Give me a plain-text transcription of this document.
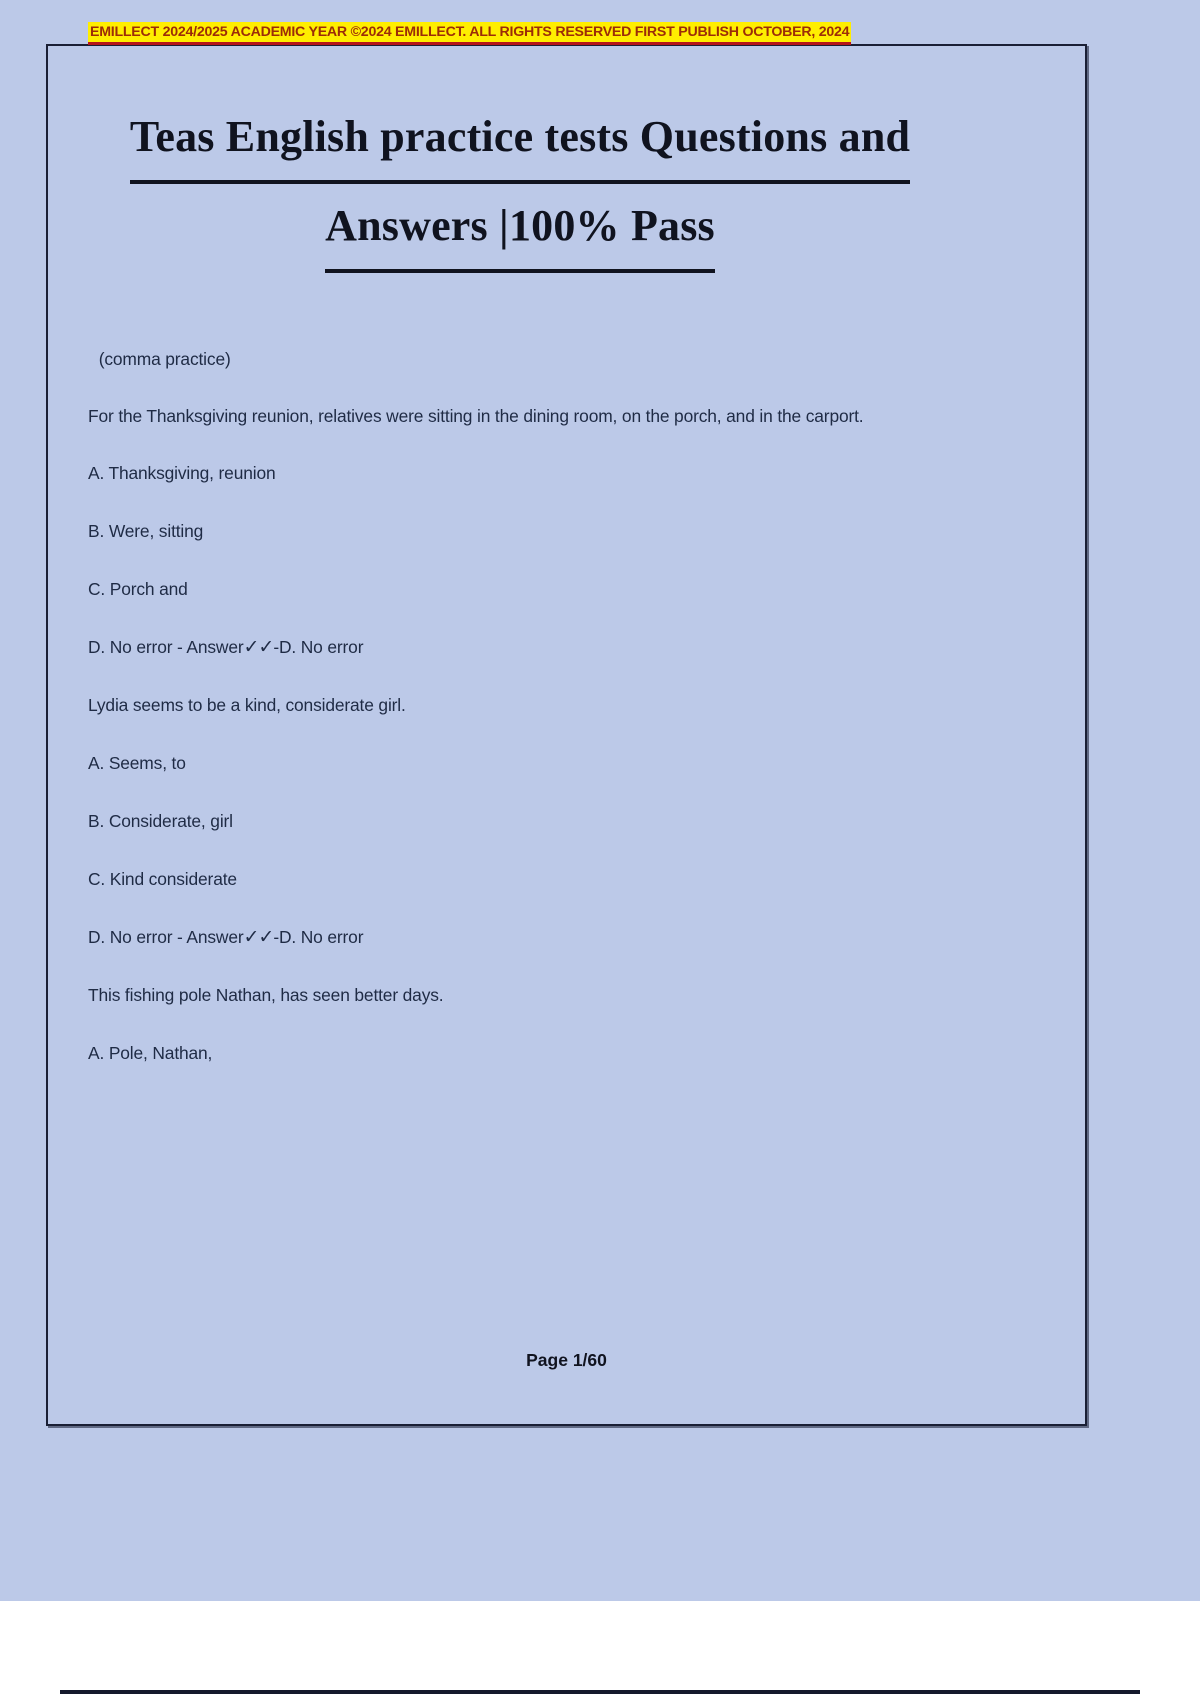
EMILLECT 2024/2025 ACADEMIC YEAR ©2024 EMILLECT. ALL RIGHTS RESERVED FIRST PUBLISH OCTOBER, 2024
Teas English practice tests Questions and
Answers |100% Pass
(comma practice)
For the Thanksgiving reunion, relatives were sitting in the dining room, on the porch, and in the carport.
A. Thanksgiving, reunion
B. Were, sitting
C. Porch and
D. No error - Answer✓✓-D. No error
Lydia seems to be a kind, considerate girl.
A. Seems, to
B. Considerate, girl
C. Kind considerate
D. No error - Answer✓✓-D. No error
This fishing pole Nathan, has seen better days.
A. Pole, Nathan,
Page 1/60
